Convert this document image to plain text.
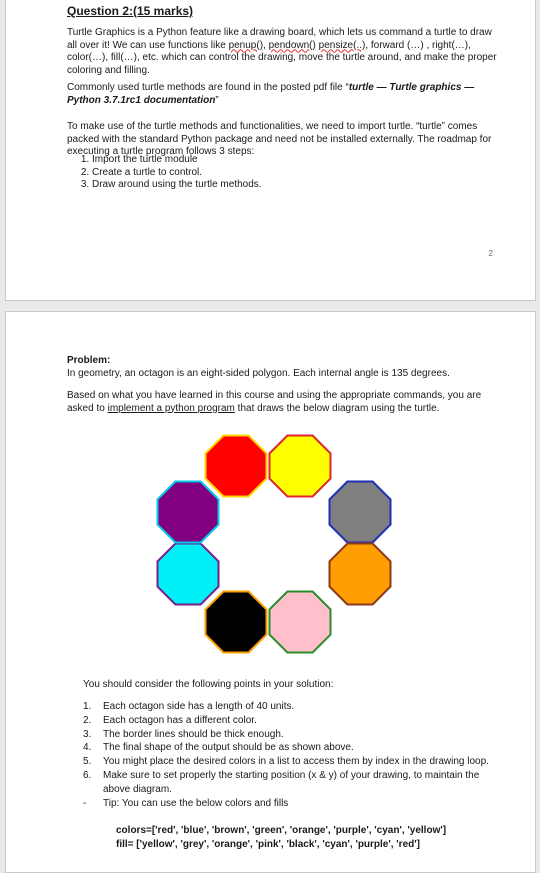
Question 2:(15 marks)
Turtle Graphics is a Python feature like a drawing board, which lets us command a turtle to draw all over it! We can use functions like penup(), pendown() pensize(..), forward (…) , right(…), color(…), fill(…), etc. which can control the drawing, move the turtle around, and make the proper coloring and filling.
Commonly used turtle methods are found in the posted pdf file “turtle — Turtle graphics — Python 3.7.1rc1 documentation”
To make use of the turtle methods and functionalities, we need to import turtle. “turtle” comes packed with the standard Python package and need not be installed externally. The roadmap for executing a turtle program follows 3 steps:
1. Import the turtle module
2. Create a turtle to control.
3. Draw around using the turtle methods.
2
Problem:
In geometry, an octagon is an eight-sided polygon. Each internal angle is 135 degrees.
Based on what you have learned in this course and using the appropriate commands, you are asked to implement a python program that draws the below diagram using the turtle.
You should consider the following points in your solution:
1.	Each octagon side has a length of 40 units.
2.	Each octagon has a different color.
3.	The border lines should be thick enough.
4.	The final shape of the output should be as shown above.
5.	You might place the desired colors in a list to access them by index in the drawing loop.
6.	Make sure to set properly the starting position (x & y) of your drawing, to maintain the above diagram.
-	Tip: You can use the below colors and fills
colors=['red', 'blue', 'brown', 'green', 'orange', 'purple', 'cyan', 'yellow']
fill= ['yellow', 'grey', 'orange', 'pink', 'black', 'cyan', 'purple', 'red']
